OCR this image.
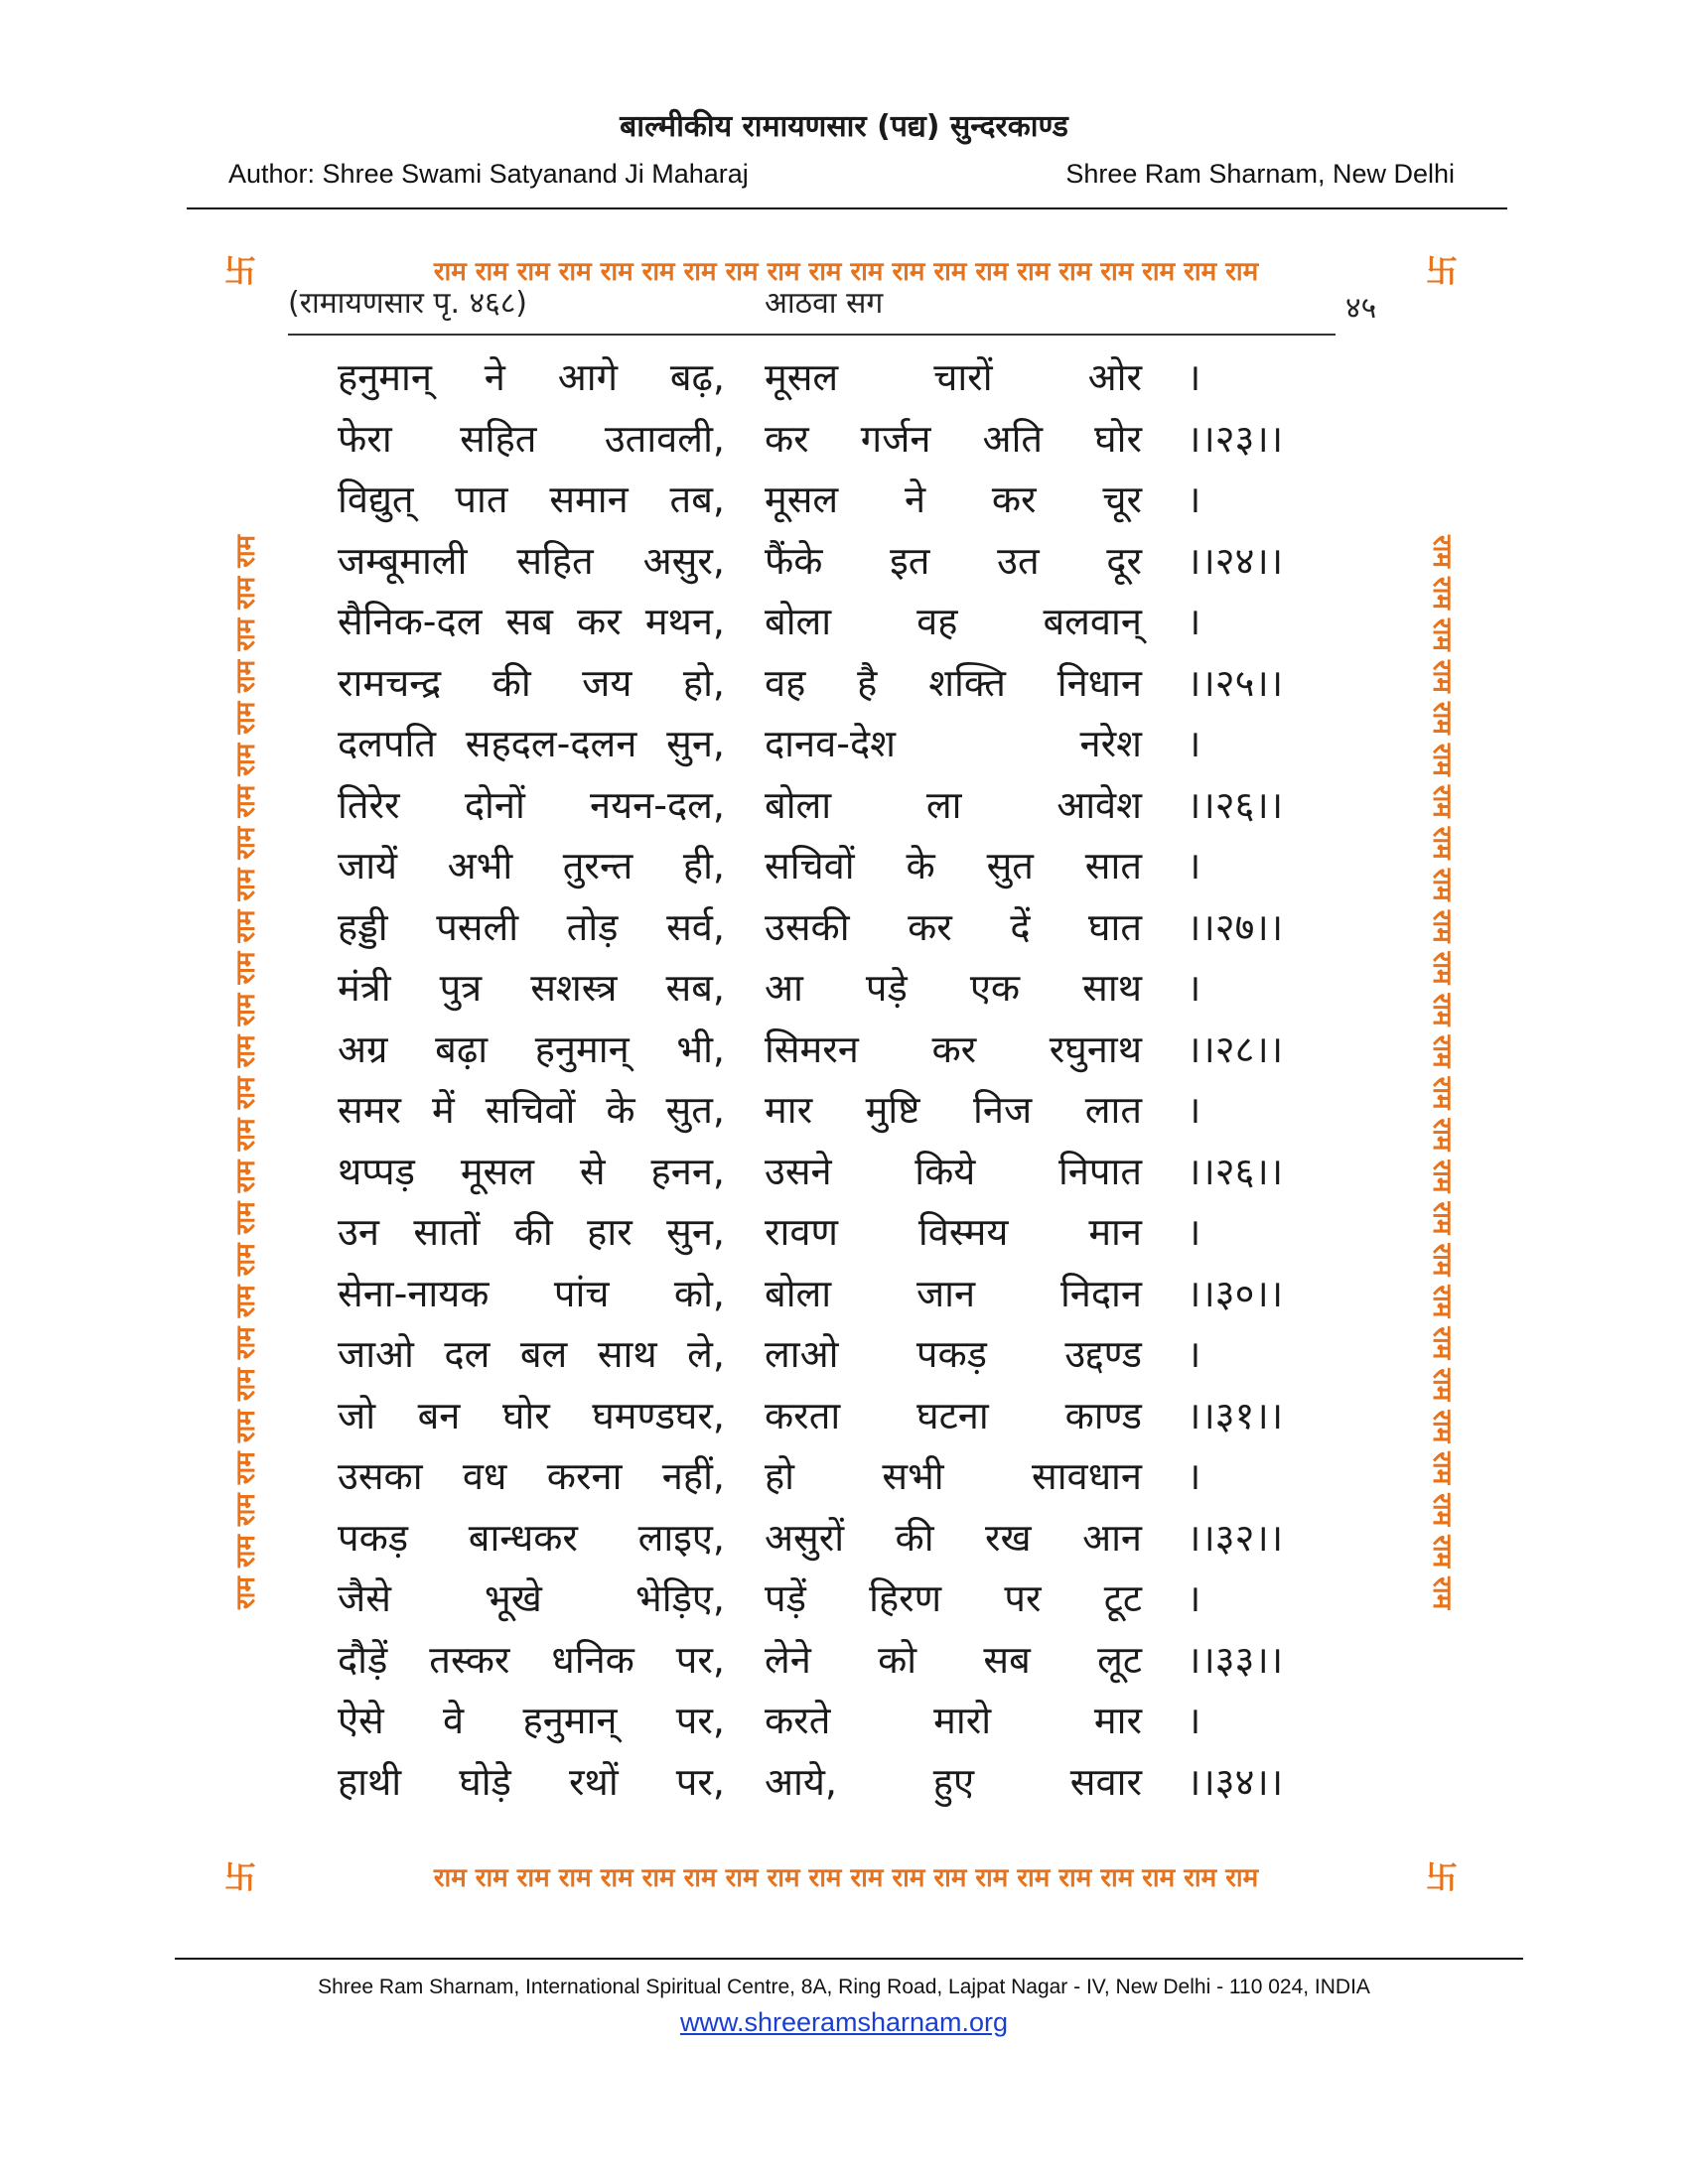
बाल्मीकीय रामायणसार (पद्य) सुन्दरकाण्ड
Author: Shree Swami Satyanand Ji Maharaj	Shree Ram Sharnam, New Delhi
卐	卐
卐	卐
राम राम राम राम राम राम राम राम राम राम राम राम राम राम राम राम राम राम राम राम
राम राम राम राम राम राम राम राम राम राम राम राम राम राम राम राम राम राम राम राम राम राम राम राम राम राम	राम राम राम राम राम राम राम राम राम राम राम राम राम राम राम राम राम राम राम राम राम राम राम राम राम राम
राम राम राम राम राम राम राम राम राम राम राम राम राम राम राम राम राम राम राम राम
(रामायणसार पृ. ४६८)	आठवा सग	४५
हनुमान् ने आगे बढ़, मूसल चारों ओर ।
फेरा सहित उतावली, कर गर्जन अति घोर ।।२३।।
विद्युत् पात समान तब, मूसल ने कर चूर ।
जम्बूमाली सहित असुर, फैंके इत उत दूर ।।२४।।
सैनिक-दल सब कर मथन, बोला वह बलवान् ।
रामचन्द्र की जय हो, वह है शक्ति निधान ।।२५।।
दलपति सहदल-दलन सुन, दानव-देश नरेश ।
तिरेर दोनों नयन-दल, बोला ला आवेश ।।२६।।
जायें अभी तुरन्त ही, सचिवों के सुत सात ।
हड्डी पसली तोड़ सर्व, उसकी कर दें घात ।।२७।।
मंत्री पुत्र सशस्त्र सब, आ पड़े एक साथ ।
अग्र बढ़ा हनुमान् भी, सिमरन कर रघुनाथ ।।२८।।
समर में सचिवों के सुत, मार मुष्टि निज लात ।
थप्पड़ मूसल से हनन, उसने किये निपात ।।२६।।
उन सातों की हार सुन, रावण विस्मय मान ।
सेना-नायक पांच को, बोला जान निदान ।।३०।।
जाओ दल बल साथ ले, लाओ पकड़ उद्दण्ड ।
जो बन घोर घमण्डघर, करता घटना काण्ड ।।३१।।
उसका वध करना नहीं, हो सभी सावधान ।
पकड़ बान्धकर लाइए, असुरों की रख आन ।।३२।।
जैसे भूखे भेड़िए, पड़ें हिरण पर टूट ।
दौड़ें तस्कर धनिक पर, लेने को सब लूट ।।३३।।
ऐसे वे हनुमान् पर, करते मारो मार ।
हाथी घोड़े रथों पर, आये, हुए सवार ।।३४।।
Shree Ram Sharnam, International Spiritual Centre, 8A, Ring Road, Lajpat Nagar - IV, New Delhi - 110 024, INDIA
www.shreeramsharnam.org
